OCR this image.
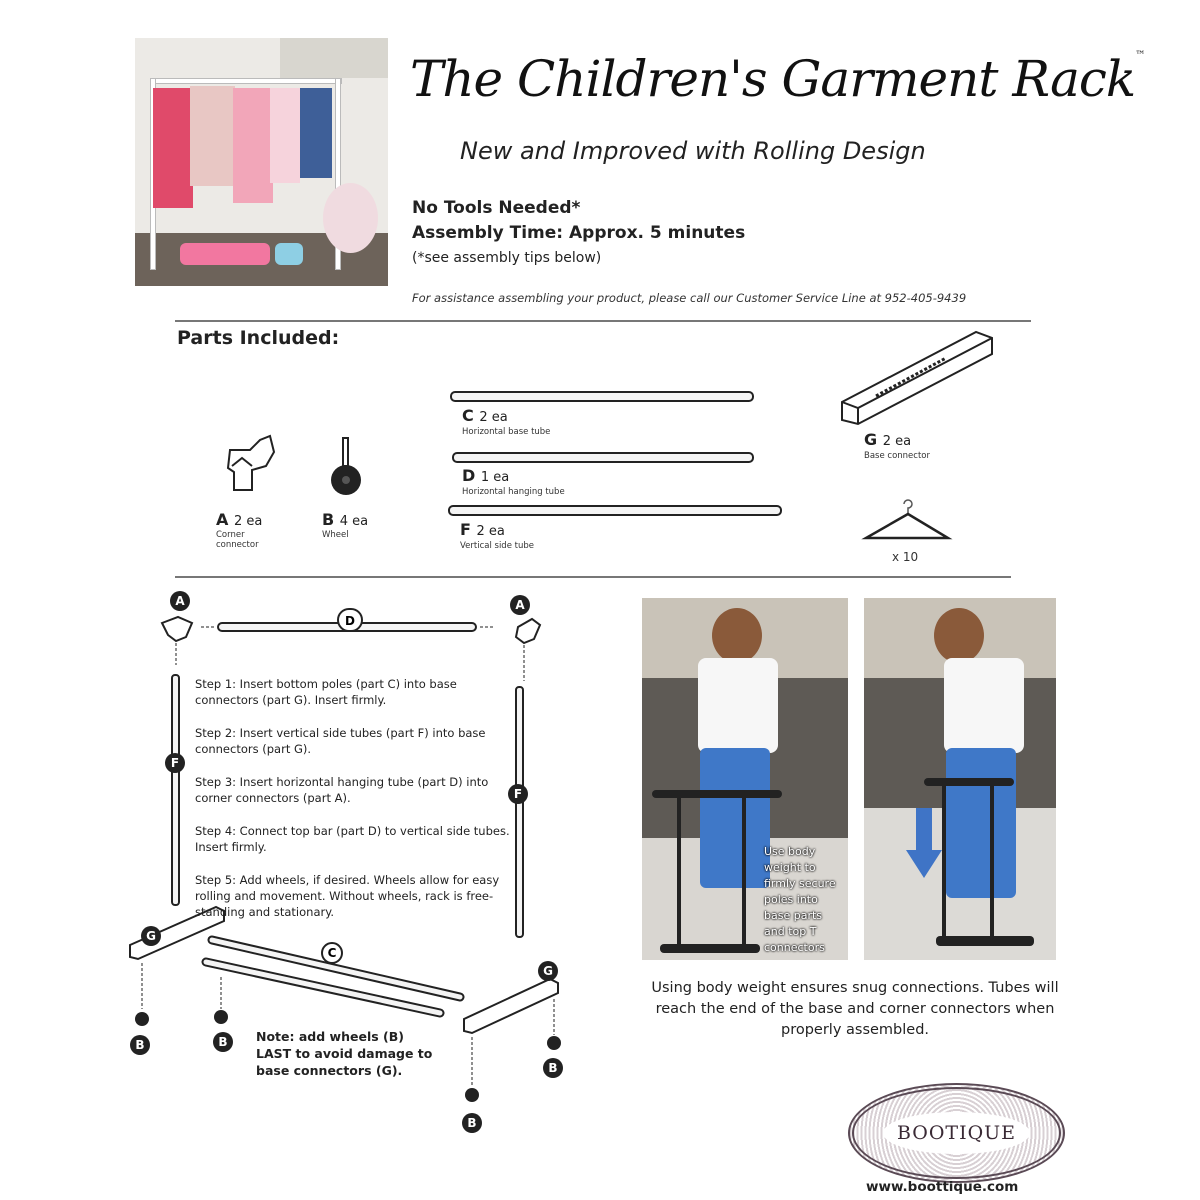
The Children's Garment Rack™
New and Improved with Rolling Design
No Tools Needed*
Assembly Time: Approx. 5 minutes
(*see assembly tips below)
For assistance assembling your product, please call our Customer Service Line at 952-405-9439
Parts Included:
A 2 ea
Corner connector
B 4 ea
Wheel
C 2 ea
Horizontal base tube
D 1 ea
Horizontal hanging tube
F 2 ea
Vertical side tube
G 2 ea
Base connector
x 10
D
C
A	A
F
F
G
G
B	B
B
B

Step 1: Insert bottom poles (part C) into base connectors (part G). Insert firmly.

Step 2: Insert vertical side tubes (part F) into base connectors (part G).

Step 3: Insert horizontal hanging tube (part D) into corner connectors (part A).

Step 4: Connect top bar (part D) to vertical side tubes. Insert firmly.

Step 5: Add wheels, if desired. Wheels allow for easy rolling and movement. Without wheels, rack is free-standing and stationary.

Note: add wheels (B)
LAST to avoid damage to
base connectors (G).
Use body weight to firmly secure poles into base parts and top T connectors
Using body weight ensures snug connections. Tubes will reach the end of the base and corner connectors when properly assembled.
BOOTIQUE
www.boottique.com
